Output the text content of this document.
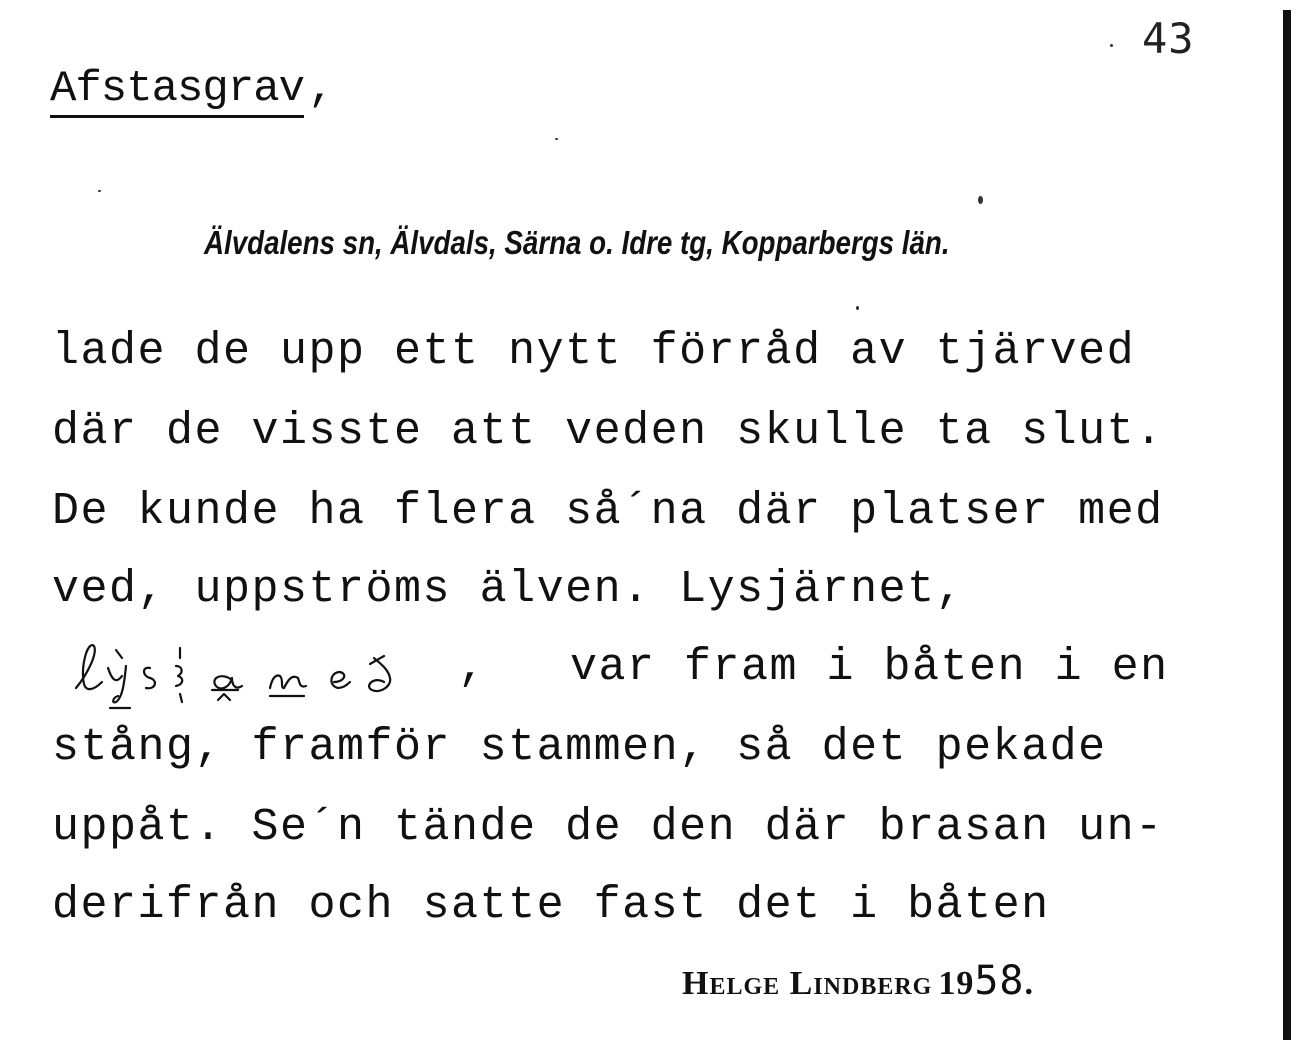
43
Afstasgrav,
Älvdalens sn, Älvdals, Särna o. Idre tg, Kopparbergs län.
lade de upp ett nytt förråd av tjärved
där de visste att veden skulle ta slut.
De kunde ha flera så´na där platser med
ved, uppströms älven. Lysjärnet,
, var fram i båten i en
stång, framför stammen, så det pekade
uppåt. Se´n tände de den där brasan un-
derifrån och satte fast det i båten
Helge Lindberg 1958.
